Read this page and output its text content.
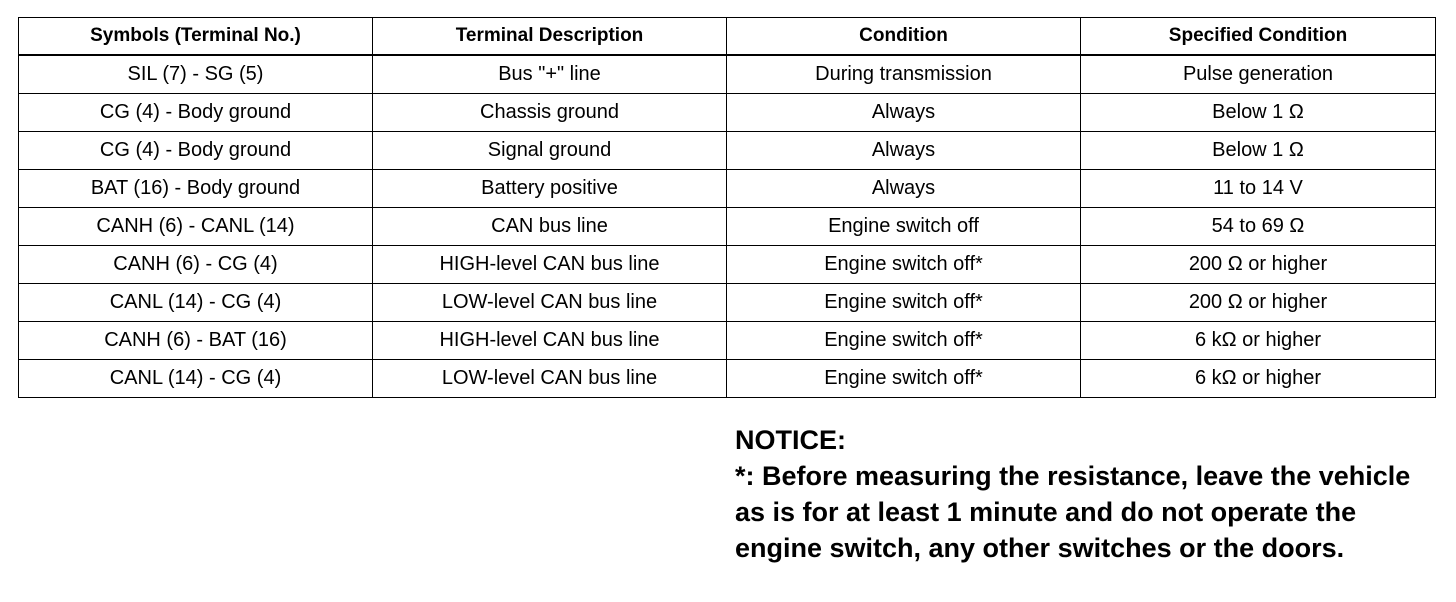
Symbols (Terminal No.)	Terminal Description	Condition	Specified Condition
SIL (7) - SG (5)	Bus "+" line	During transmission	Pulse generation
CG (4) - Body ground	Chassis ground	Always	Below 1 Ω
CG (4) - Body ground	Signal ground	Always	Below 1 Ω
BAT (16) - Body ground	Battery positive	Always	11 to 14 V
CANH (6) - CANL (14)	CAN bus line	Engine switch off	54 to 69 Ω
CANH (6) - CG (4)	HIGH-level CAN bus line	Engine switch off*	200 Ω or higher
CANL (14) - CG (4)	LOW-level CAN bus line	Engine switch off*	200 Ω or higher
CANH (6) - BAT (16)	HIGH-level CAN bus line	Engine switch off*	6 kΩ or higher
CANL (14) - CG (4)	LOW-level CAN bus line	Engine switch off*	6 kΩ or higher
NOTICE:
*: Before measuring the resistance, leave the vehicle as is for at least 1 minute and do not operate the engine switch, any other switches or the doors.
